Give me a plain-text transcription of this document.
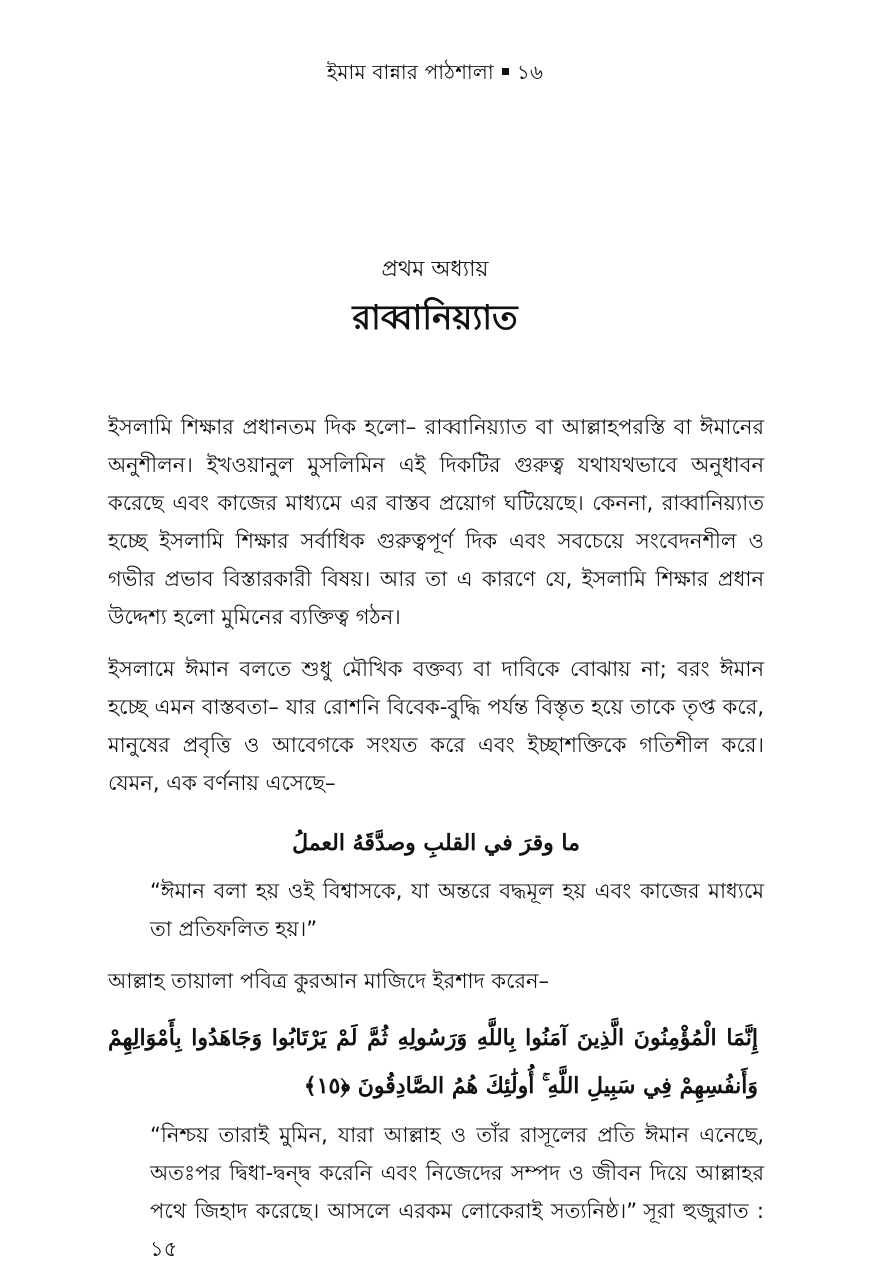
ইমাম বান্নার পাঠশালা ১৬
প্রথম অধ্যায়
রাব্বানিয়্যাত

ইসলামি শিক্ষার প্রধানতম দিক হলো– রাব্বানিয়্যাত বা আল্লাহপরস্তি বা ঈমানের অনুশীলন। ইখওয়ানুল মুসলিমিন এই দিকটির গুরুত্ব যথাযথভাবে অনুধাবন করেছে এবং কাজের মাধ্যমে এর বাস্তব প্রয়োগ ঘটিয়েছে। কেননা, রাব্বানিয়্যাত হচ্ছে ইসলামি শিক্ষার সর্বাধিক গুরুত্বপূর্ণ দিক এবং সবচেয়ে সংবেদনশীল ও গভীর প্রভাব বিস্তারকারী বিষয়। আর তা এ কারণে যে, ইসলামি শিক্ষার প্রধান উদ্দেশ্য হলো মুমিনের ব্যক্তিত্ব গঠন।

ইসলামে ঈমান বলতে শুধু মৌখিক বক্তব্য বা দাবিকে বোঝায় না; বরং ঈমান হচ্ছে এমন বাস্তবতা– যার রোশনি বিবেক-বুদ্ধি পর্যন্ত বিস্তৃত হয়ে তাকে তৃপ্ত করে, মানুষের প্রবৃত্তি ও আবেগকে সংযত করে এবং ইচ্ছাশক্তিকে গতিশীল করে। যেমন, এক বর্ণনায় এসেছে–

ما وقرَ في القلبِ وصدَّقَهُ العملُ

“ঈমান বলা হয় ওই বিশ্বাসকে, যা অন্তরে বদ্ধমূল হয় এবং কাজের মাধ্যমে তা প্রতিফলিত হয়।”

আল্লাহ তায়ালা পবিত্র কুরআন মাজিদে ইরশাদ করেন–

إِنَّمَا الْمُؤْمِنُونَ الَّذِينَ آمَنُوا بِاللَّهِ وَرَسُولِهِ ثُمَّ لَمْ يَرْتَابُوا وَجَاهَدُوا بِأَمْوَالِهِمْ وَأَنفُسِهِمْ فِي سَبِيلِ اللَّهِ ۚ أُولَٰئِكَ هُمُ الصَّادِقُونَ ﴿١٥﴾

“নিশ্চয় তারাই মুমিন, যারা আল্লাহ ও তাঁর রাসূলের প্রতি ঈমান এনেছে, অতঃপর দ্বিধা-দ্বন্দ্ব করেনি এবং নিজেদের সম্পদ ও জীবন দিয়ে আল্লাহর পথে জিহাদ করেছে। আসলে এরকম লোকেরাই সত্যনিষ্ঠ।” সূরা হুজুরাত : ১৫
